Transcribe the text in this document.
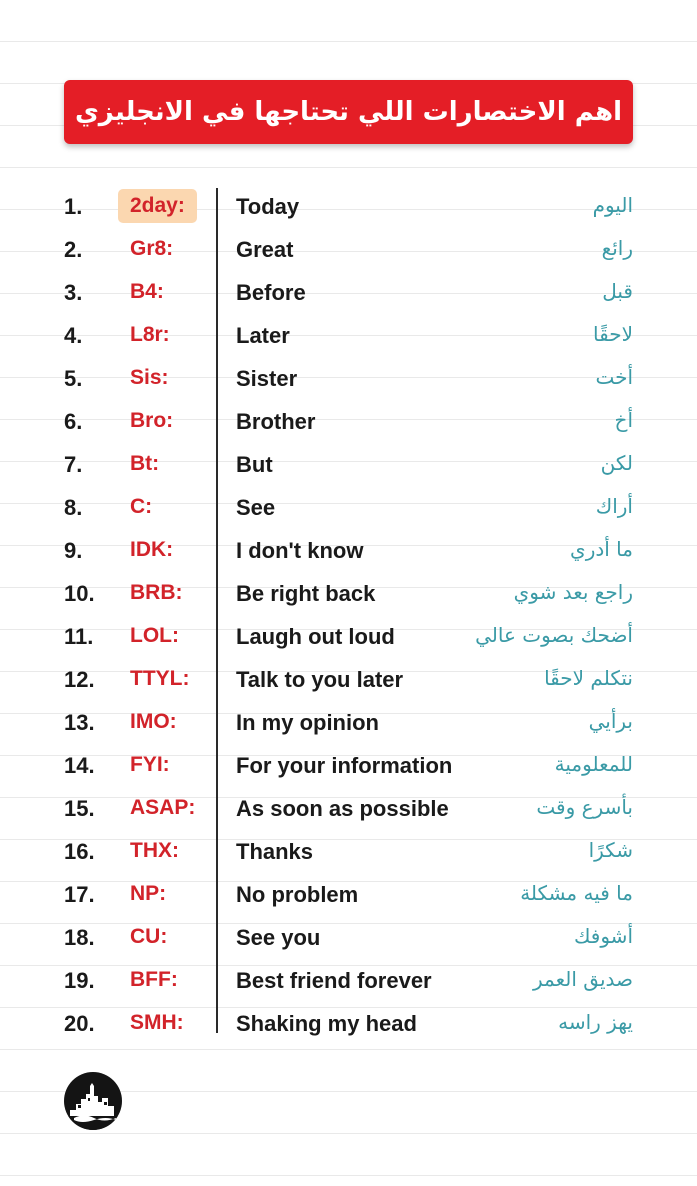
اهم الاختصارات اللي تحتاجها في الانجليزي
1.	2day:	Today	اليوم
2. Gr8:	Great	رائع
3. B4:	Before	قبل
4. L8r:	Later	لاحقًا
5. Sis:	Sister	أخت
6. Bro:	Brother	أخ
7. Bt:	But	لكن
8. C:	See	أراك
9. IDK:	I don't know	ما أدري
10. BRB: Be right back	راجع بعد شوي
11. LOL:	Laugh out loud	أضحك بصوت عالي
12. TTYL: Talk to you later	نتكلم لاحقًا
13. IMO:	In my opinion	برأيي
14. FYI:	For your information	للمعلومية
15. ASAP: As soon as possible	بأسرع وقت
16. THX:	Thanks	شكرًا
17. NP:	No problem	ما فيه مشكلة
18. CU:	See you	أشوفك
19. BFF:	Best friend forever	صديق العمر
20. SMH: Shaking my head	يهز راسه
